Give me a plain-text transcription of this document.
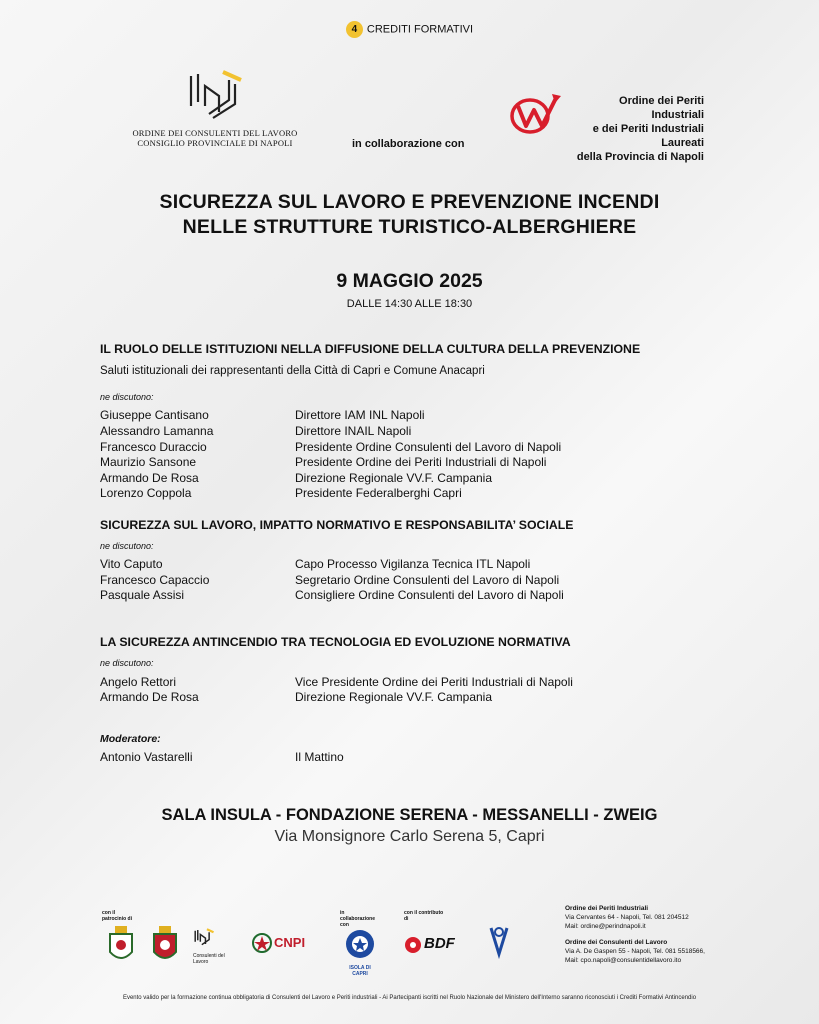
4 CREDITI FORMATIVI
ORDINE DEI CONSULENTI DEL LAVORO
CONSIGLIO PROVINCIALE DI NAPOLI	in collaborazione con
Ordine dei Periti Industriali
e dei Periti Industriali Laureati
della Provincia di Napoli
SICUREZZA SUL LAVORO E PREVENZIONE INCENDI
NELLE STRUTTURE TURISTICO-ALBERGHIERE
9 MAGGIO 2025
DALLE 14:30 ALLE 18:30
IL RUOLO DELLE ISTITUZIONI NELLA DIFFUSIONE DELLA CULTURA DELLA PREVENZIONE
Saluti istituzionali dei rappresentanti della Città di Capri e Comune Anacapri
ne discutono:
Giuseppe Cantisano	Direttore IAM INL Napoli
Alessandro Lamanna	Direttore INAIL Napoli
Francesco Duraccio	Presidente Ordine Consulenti del Lavoro di Napoli
Maurizio Sansone	Presidente Ordine dei Periti Industriali di Napoli
Armando De Rosa	Direzione Regionale VV.F. Campania
Lorenzo Coppola	Presidente Federalberghi Capri
SICUREZZA SUL LAVORO, IMPATTO NORMATIVO E RESPONSABILITA’ SOCIALE
ne discutono:
Vito Caputo	Capo Processo Vigilanza Tecnica ITL Napoli
Francesco Capaccio	Segretario Ordine Consulenti del Lavoro di Napoli
Pasquale Assisi	Consigliere Ordine Consulenti del Lavoro di Napoli
LA SICUREZZA ANTINCENDIO TRA TECNOLOGIA ED EVOLUZIONE NORMATIVA
ne discutono:
Angelo Rettori	Vice Presidente Ordine dei Periti Industriali di Napoli
Armando De Rosa	Direzione Regionale VV.F. Campania
Moderatore:
Antonio Vastarelli	Il Mattino
SALA INSULA - FONDAZIONE SERENA - MESSANELLI - ZWEIG
Via Monsignore Carlo Serena 5, Capri
con il patrocinio di
Consulenti del Lavoro
CNPI
in collaborazione con
ISOLA DI CAPRI
con il contributo di
BDF
Ordine dei Periti Industriali
Via Cervantes 64 - Napoli, Tel. 081 204512
Mail: ordine@perindnapoli.it
Ordine dei Consulenti del Lavoro
Via A. De Gaspen 55 - Napoli, Tel. 081 5518566,
Mail: cpo.napoli@consulentidellavoro.ito
Evento valido per la formazione continua obbligatoria di Consulenti del Lavoro e Periti industriali - Ai Partecipanti iscritti nel Ruolo Nazionale del Ministero dell'Interno saranno riconosciuti i Crediti Formativi Antincendio
